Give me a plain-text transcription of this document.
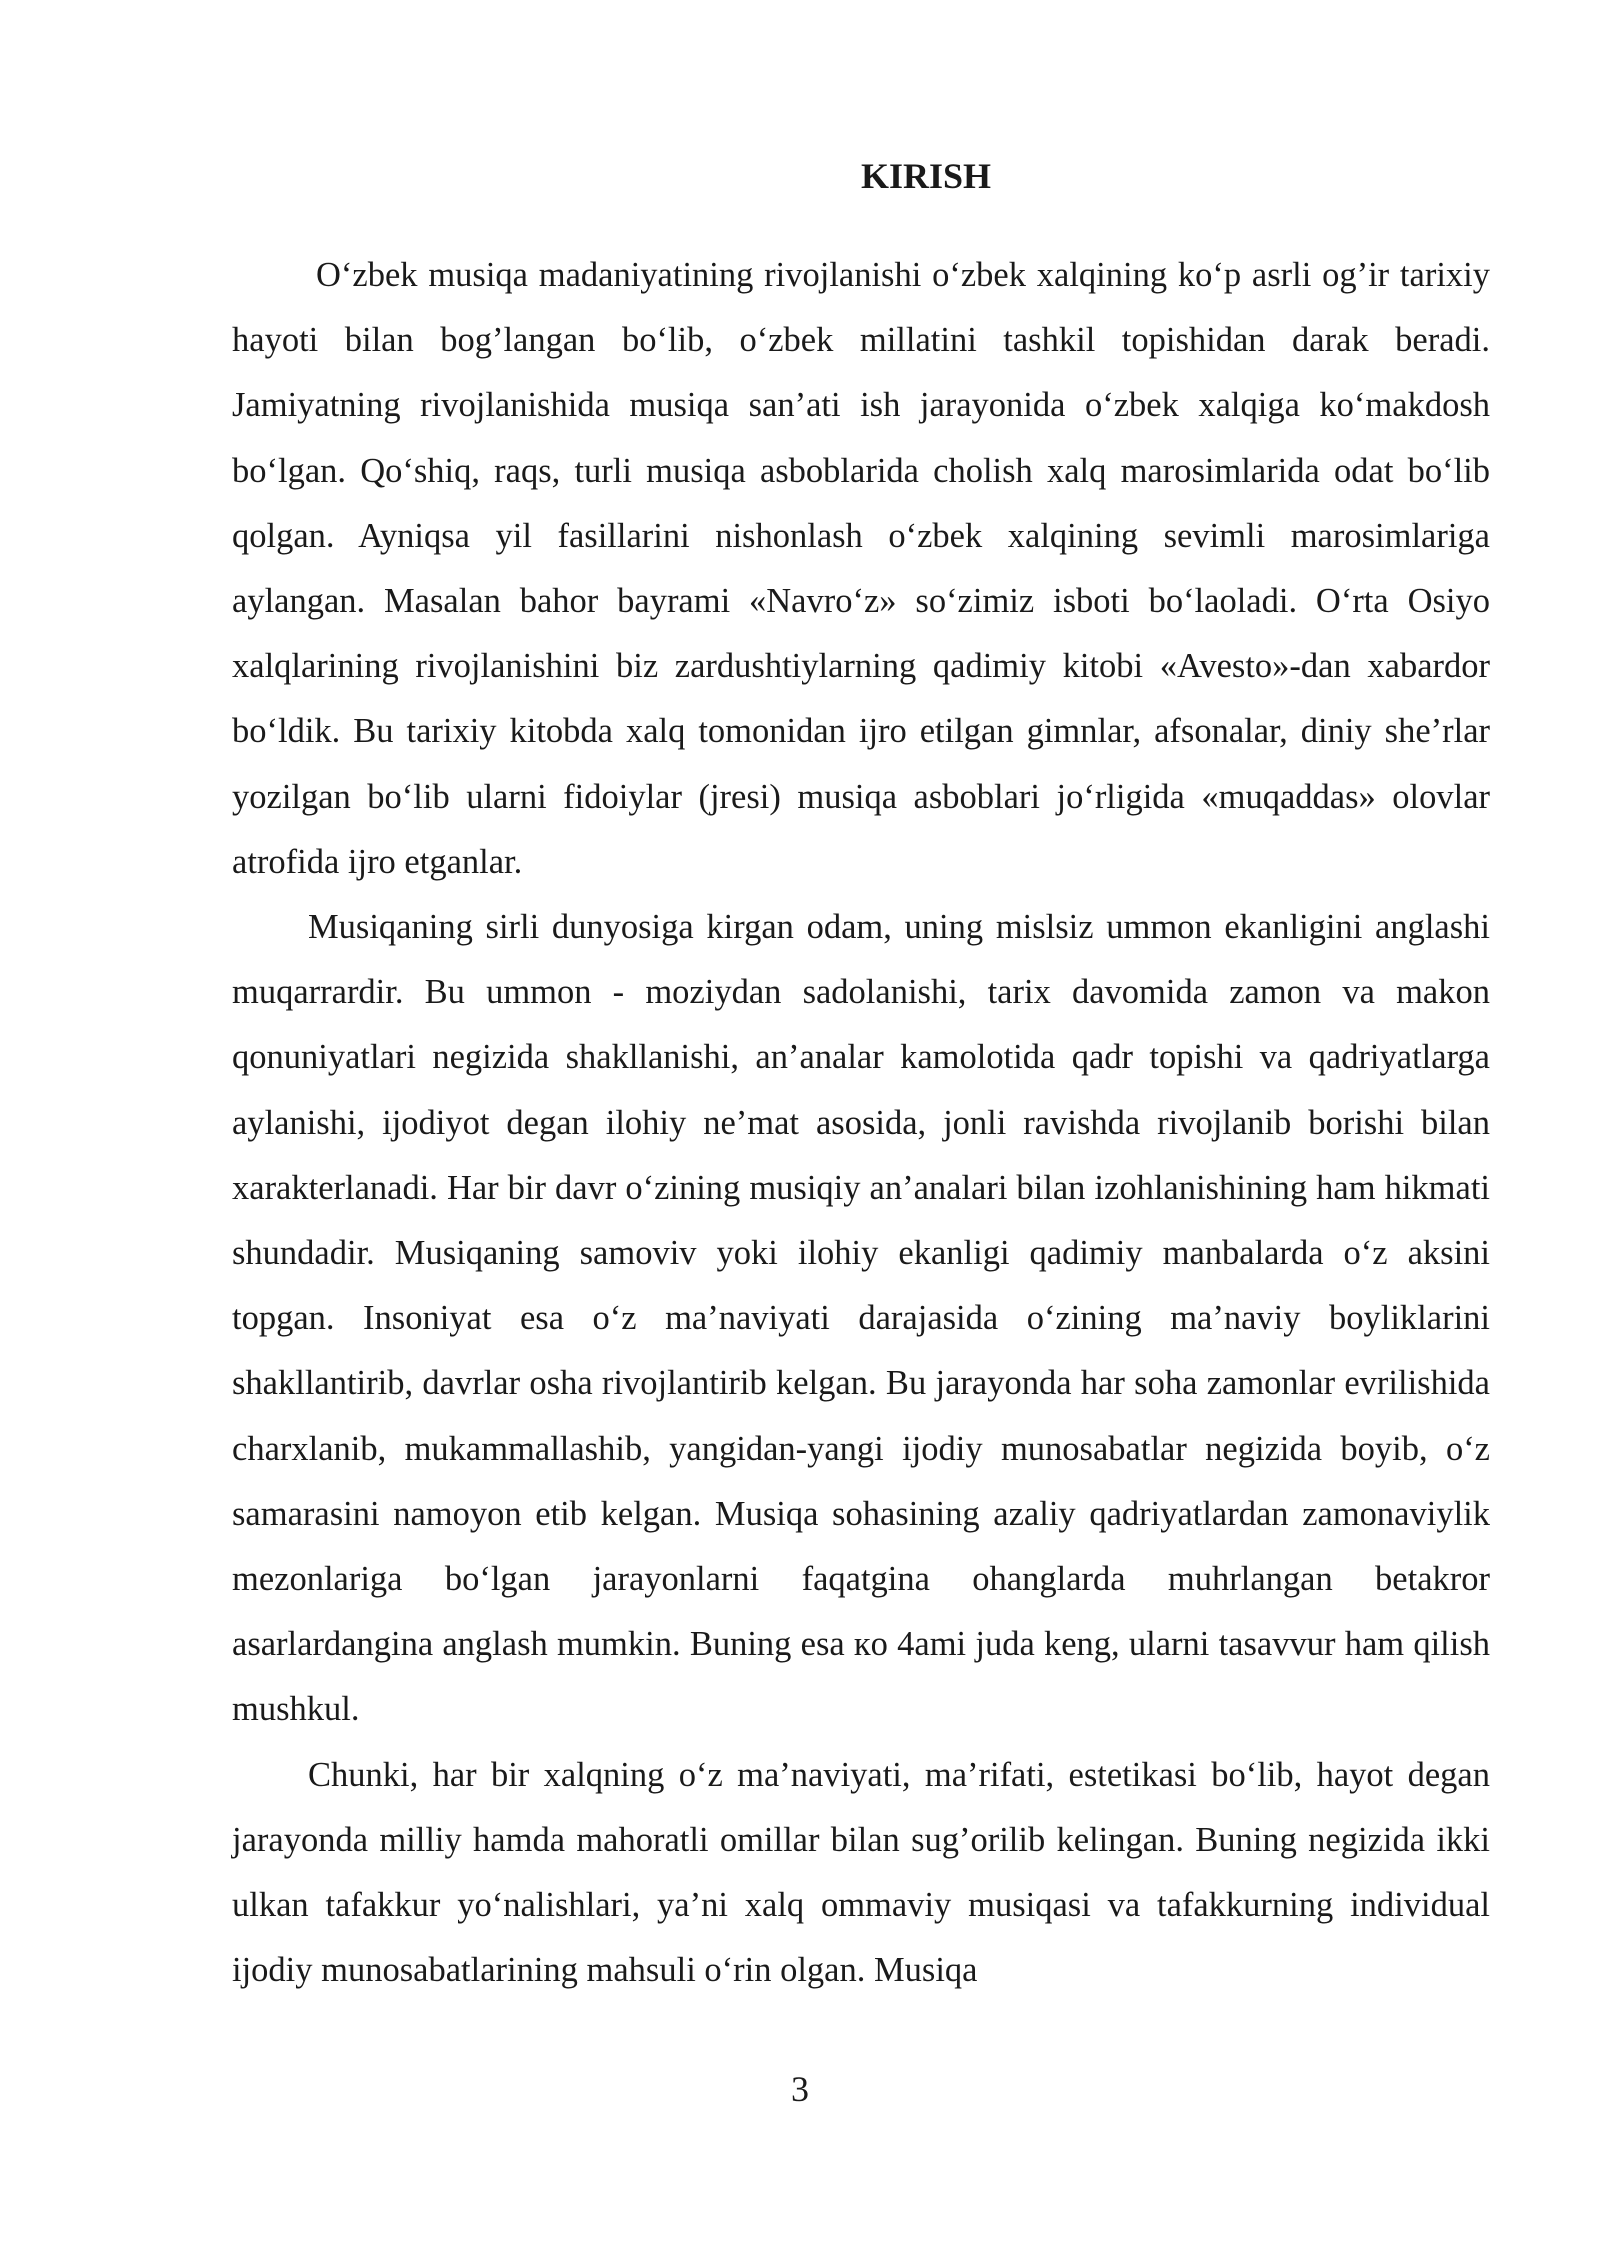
KIRISH

O‘zbek musiqa madaniyatining rivojlanishi o‘zbek xalqining ko‘p asrli og’ir tarixiy hayoti bilan bog’langan bo‘lib, o‘zbek millatini tashkil topishidan darak beradi. Jamiyatning rivojlanishida musiqa san’ati ish jarayonida o‘zbek xalqiga ko‘makdosh bo‘lgan. Qo‘shiq, raqs, turli musiqa asboblarida cholish xalq marosimlarida odat bo‘lib qolgan. Ayniqsa yil fasillarini nishonlash o‘zbek xalqining sevimli marosimlariga aylangan. Masalan bahor bayrami «Navro‘z» so‘zimiz isboti bo‘laoladi. O‘rta Osiyo xalqlarining rivojlanishini biz zardushtiylarning qadimiy kitobi «Avesto»-dan xabardor bo‘ldik. Bu tarixiy kitobda xalq tomonidan ijro etilgan gimnlar, afsonalar, diniy she’rlar yozilgan bo‘lib ularni fidoiylar (jresi) musiqa asboblari jo‘rligida «muqaddas» olovlar atrofida ijro etganlar.

Musiqaning sirli dunyosiga kirgan odam, uning mislsiz ummon ekanligini anglashi muqarrardir. Bu ummon - moziydan sadolanishi, tarix davomida zamon va makon qonuniyatlari negizida shakllanishi, an’analar kamolotida qadr topishi va qadriyatlarga aylanishi, ijodiyot degan ilohiy ne’mat asosida, jonli ravishda rivojlanib borishi bilan xarakterlanadi. Har bir davr o‘zining musiqiy an’analari bilan izohlanishining ham hikmati shundadir. Musiqaning samoviv yoki ilohiy ekanligi qadimiy manbalarda o‘z aksini topgan. Insoniyat esa o‘z ma’naviyati darajasida o‘zining ma’naviy boyliklarini shakllantirib, davrlar osha rivojlantirib kelgan. Bu jarayonda har soha zamonlar evrilishida charxlanib, mukammallashib, yangidan-yangi ijodiy munosabatlar negizida boyib, o‘z samarasini namoyon etib kelgan. Musiqa sohasining azaliy qadriyatlardan zamonaviylik mezonlariga bo‘lgan jarayonlarni faqatgina ohanglarda muhrlangan betakror asarlardangina anglash mumkin. Buning esa кo 4ami juda keng, ularni tasavvur ham qilish mushkul.

Chunki, har bir xalqning o‘z ma’naviyati, ma’rifati, estetikasi bo‘lib, hayot degan jarayonda milliy hamda mahoratli omillar bilan sug’orilib kelingan. Buning negizida ikki ulkan tafakkur yo‘nalishlari, ya’ni xalq ommaviy musiqasi va tafakkurning individual ijodiy munosabatlarining mahsuli o‘rin olgan. Musiqa

3
